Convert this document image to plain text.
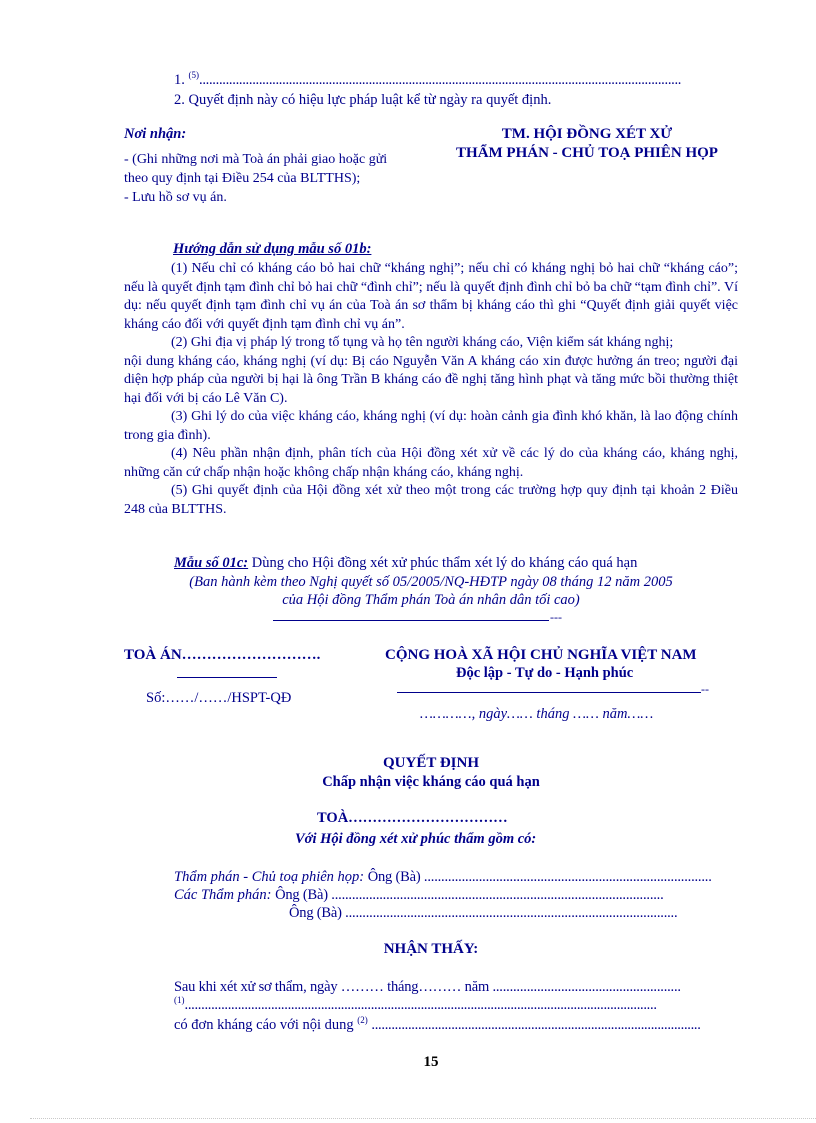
1. $^{(5)}$.................................................................................................................................................
2. Quyết định này có hiệu lực pháp luật kể từ ngày ra quyết định.
Nơi nhận:
- (Ghi những nơi mà Toà án phải giao hoặc gửi
theo quy định tại Điều 254 của BLTTHS);
- Lưu hồ sơ vụ án.
TM. HỘI ĐỒNG XÉT XỬ
THẨM PHÁN - CHỦ TOẠ PHIÊN HỌP
Hướng dẫn sử dụng mẫu số 01b:

(1) Nếu chỉ có kháng cáo bỏ hai chữ “kháng nghị”; nếu chỉ có kháng nghị bỏ hai chữ “kháng cáo”; nếu là quyết định tạm đình chỉ bỏ hai chữ “đình chỉ”; nếu là quyết định đình chỉ bỏ ba chữ “tạm đình chỉ”. Ví dụ: nếu quyết định tạm đình chỉ vụ án của Toà án sơ thẩm bị kháng cáo thì ghi “Quyết định giải quyết việc kháng cáo đối với quyết định tạm đình chỉ vụ án”.

(2) Ghi địa vị pháp lý trong tố tụng và họ tên người kháng cáo, Viện kiểm sát kháng nghị;

nội dung kháng cáo, kháng nghị (ví dụ: Bị cáo Nguyễn Văn A kháng cáo xin được hưởng án treo; người đại diện hợp pháp của người bị hại là ông Trần B kháng cáo đề nghị tăng hình phạt và tăng mức bồi thường thiệt hại đối với bị cáo Lê Văn C).

(3) Ghi lý do của việc kháng cáo, kháng nghị (ví dụ: hoàn cảnh gia đình khó khăn, là lao động chính trong gia đình).

(4) Nêu phần nhận định, phân tích của Hội đồng xét xử về các lý do của kháng cáo, kháng nghị, những căn cứ chấp nhận hoặc không chấp nhận kháng cáo, kháng nghị.

(5) Ghi quyết định của Hội đồng xét xử theo một trong các trường hợp quy định tại khoản 2 Điều 248 của BLTTHS.

Mẫu số 01c: Dùng cho Hội đồng xét xử phúc thẩm xét lý do kháng cáo quá hạn
(Ban hành kèm theo Nghị quyết số 05/2005/NQ-HĐTP ngày 08 tháng 12 năm 2005
của Hội đồng Thẩm phán Toà án nhân dân tối cao)
---
TOÀ ÁN……………………….
Số:……/……/HSPT-QĐ
CỘNG HOÀ XÃ HỘI CHỦ NGHĨA VIỆT NAM
Độc lập - Tự do - Hạnh phúc
--
…………, ngày…… tháng …… năm……
QUYẾT ĐỊNH
Chấp nhận việc kháng cáo quá hạn
TOÀ……………………………
Với Hội đồng xét xử phúc thẩm gồm có:
Thẩm phán - Chủ toạ phiên họp: Ông (Bà) ....................................................................................
Các Thẩm phán: Ông (Bà) .................................................................................................
Ông (Bà) .................................................................................................
NHẬN THẤY:
Sau khi xét xử sơ thẩm, ngày ……… tháng……… năm .......................................................
$^{(1)}$..............................................................................................................................................
có đơn kháng cáo với nội dung $^{(2)}$ ...................................................................................................
15
